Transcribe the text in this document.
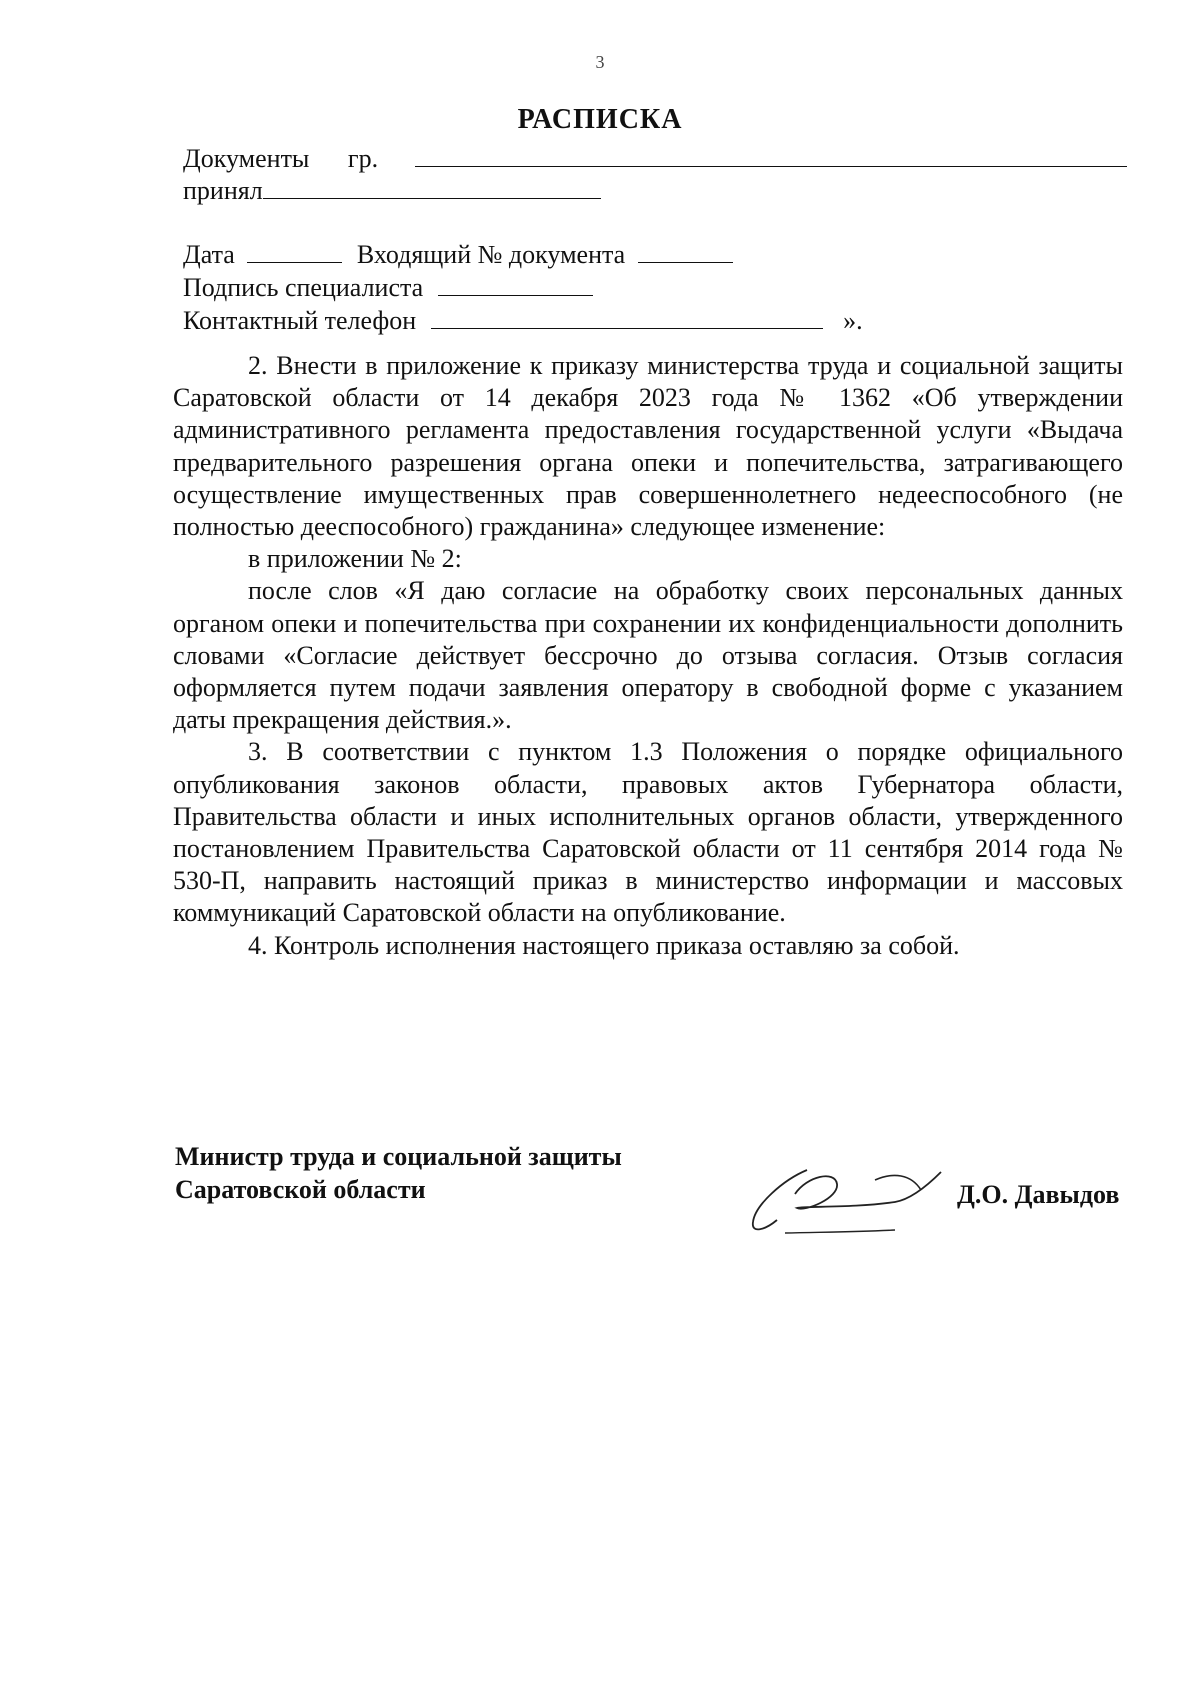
3
РАСПИСКА
Документы гр.
принял
Дата	Входящий № документа
Подпись специалиста
Контактный телефон	».

2. Внести в приложение к приказу министерства труда и социальной защиты Саратовской области от 14 декабря 2023 года № 1362 «Об утверждении административного регламента предоставления государственной услуги «Выдача предварительного разрешения органа опеки и попечительства, затрагивающего осуществление имущественных прав совершеннолетнего недееспособного (не полностью дееспособного) гражданина» следующее изменение:

в приложении № 2:

после слов «Я даю согласие на обработку своих персональных данных органом опеки и попечительства при сохранении их конфиденциальности дополнить словами «Согласие действует бессрочно до отзыва согласия. Отзыв согласия оформляется путем подачи заявления оператору в свободной форме с указанием даты прекращения действия.».

3. В соответствии с пунктом 1.3 Положения о порядке официального опубликования законов области, правовых актов Губернатора области, Правительства области и иных исполнительных органов области, утвержденного постановлением Правительства Саратовской области от 11 сентября 2014 года № 530-П, направить настоящий приказ в министерство информации и массовых коммуникаций Саратовской области на опубликование.

4. Контроль исполнения настоящего приказа оставляю за собой.

Министр труда и социальной защиты
Саратовской области	Д.О. Давыдов
